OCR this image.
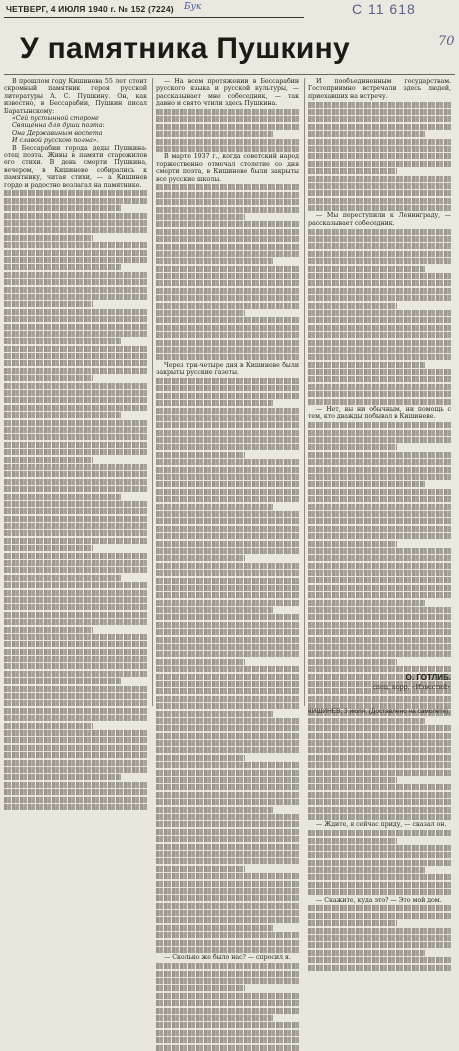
ЧЕТВЕРГ, 4 ИЮЛЯ 1940 г. № 152 (7224) Бук	С 11 618
70
У памятника Пушкину

В прошлом году Кишинева 55 лет стоит скромный памятник героя русской литературы А. С. Пушкину. Он, как известно, в Бессарабии, Пушкин писал Баратынскому:

«Сей пустынной стороне

Священна для души поэта:

Она Державиным воспета

И славой русскою полна».

В Бессарабии города деды Пушкина-отец поэта. Живы в памяти старожилов его стихи. В день смерти Пушкина, вечером, в Кишиневе собирались к памятнику, читая стихи, — а Кишинев гордо и радостно возлагал на памятнике.

— На всем протяжении в Бессарабии русского языка и русской культуры, — рассказывает мне собеседник, — так давно и свято чтили здесь Пушкина.

В марте 1937 г., когда советский народ торжественно отмечал столетие со дня смерти поэта, в Кишиневе были закрыты все русские школы.

Через три-четыре дня в Кишиневе были закрыты русские газеты.

— Сколько же было нас? — спросил я.

И пообъединенным государствам. Гостеприимно встречали здесь людей, приехавших на встречу.

— Мы переступили к Ленинграду, — рассказывает собеседник.

— Нет, вы ни обычным, ни помощь с тем, кто дважды побывал в Кишиневе.

— Ждите, я сейчас приду, — сказал он.

— Скажите, куда это? — Это мой дом.

О. ГОТЛИБ.
спец. корр. «Известий»
КИШИНЕВ, 3 июля. (Доставлено на самолете).
